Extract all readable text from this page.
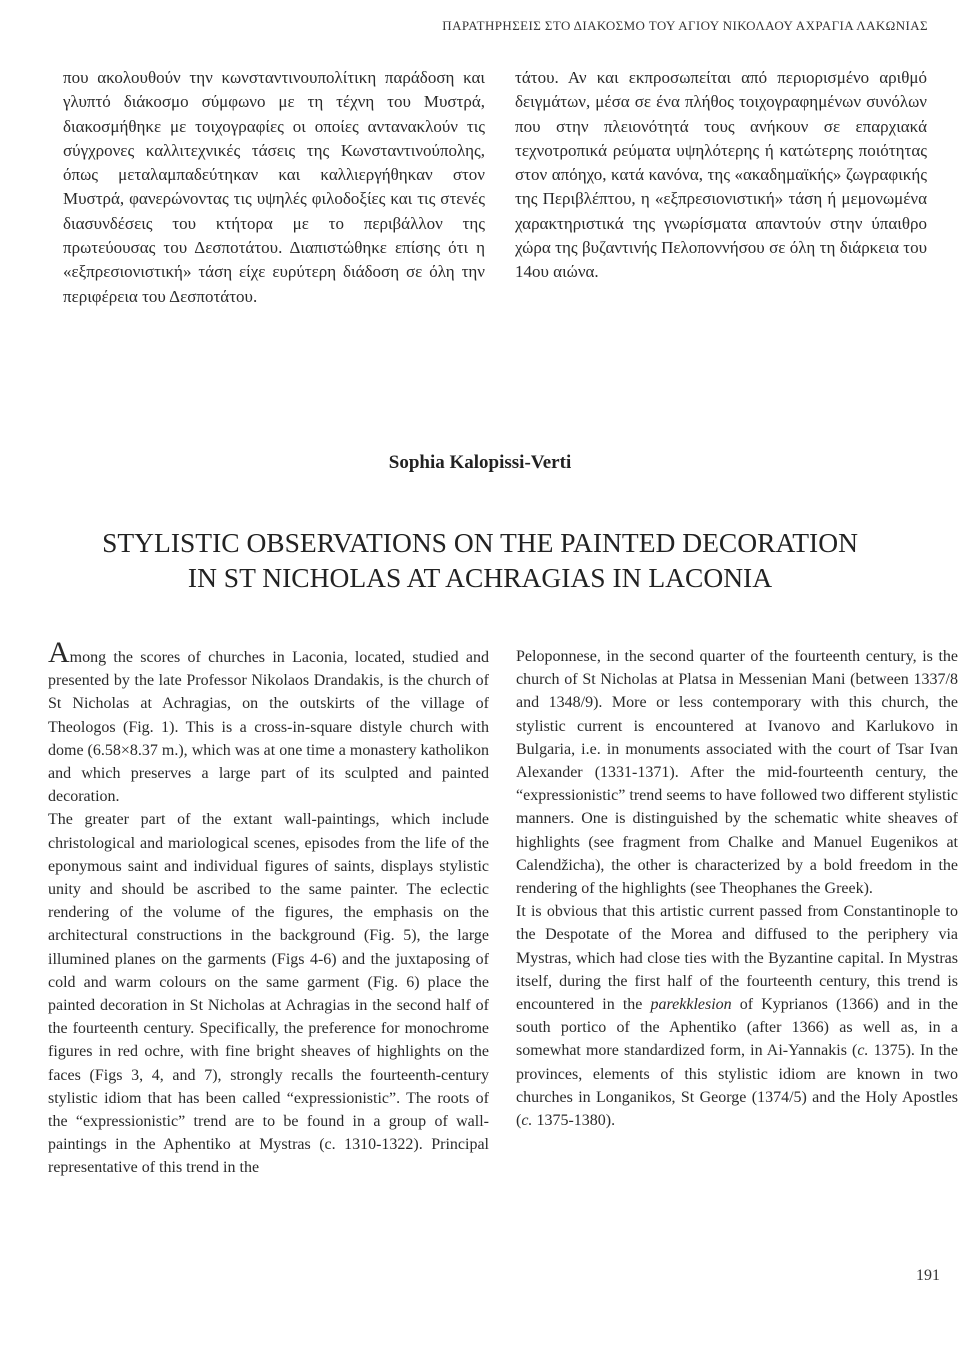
ΠΑΡΑΤΗΡΗΣΕΙΣ ΣΤΟ ΔΙΑΚΟΣΜΟ ΤΟΥ ΑΓΙΟΥ ΝΙΚΟΛΑΟΥ ΑΧΡΑΓΙΑ ΛΑΚΩΝΙΑΣ

που ακολουθούν την κωνσταντινουπολίτικη παράδοση και γλυπτό διάκοσμο σύμφωνο με τη τέχνη του Μυστρά, διακοσμήθηκε με τοιχογραφίες οι οποίες αντανακλούν τις σύγχρονες καλλιτεχνικές τάσεις της Κωνσταντινούπολης, όπως μεταλαμπαδεύτηκαν και καλλιεργήθηκαν στον Μυστρά, φανερώνοντας τις υψηλές φιλοδοξίες και τις στενές διασυνδέσεις του κτήτορα με το περιβάλλον της πρωτεύουσας του Δεσποτάτου. Διαπιστώθηκε επίσης ότι η «εξπρεσιονιστική» τάση είχε ευρύτερη διάδοση σε όλη την περιφέρεια του Δεσποτάτου.

τάτου. Αν και εκπροσωπείται από περιορισμένο αριθμό δειγμάτων, μέσα σε ένα πλήθος τοιχογραφημένων συνόλων που στην πλειονότητά τους ανήκουν σε επαρχιακά τεχνοτροπικά ρεύματα υψηλότερης ή κατώτερης ποιότητας στον απόηχο, κατά κανόνα, της «ακαδημαϊκής» ζωγραφικής της Περιβλέπτου, η «εξπρεσιονιστική» τάση ή μεμονωμένα χαρακτηριστικά της γνωρίσματα απαντούν στην ύπαιθρο χώρα της βυζαντινής Πελοποννήσου σε όλη τη διάρκεια του 14ου αιώνα.

Sophia Kalopissi-Verti
STYLISTIC OBSERVATIONS ON THE PAINTED DECORATION
IN ST NICHOLAS AT ACHRAGIAS IN LACONIA

Among the scores of churches in Laconia, located, studied and presented by the late Professor Nikolaos Drandakis, is the church of St Nicholas at Achragias, on the outskirts of the village of Theologos (Fig. 1). This is a cross-in-square distyle church with dome (6.58×8.37 m.), which was at one time a monastery katholikon and which preserves a large part of its sculpted and painted decoration.

The greater part of the extant wall-paintings, which include christological and mariological scenes, episodes from the life of the eponymous saint and individual figures of saints, displays stylistic unity and should be ascribed to the same painter. The eclectic rendering of the volume of the figures, the emphasis on the architectural constructions in the background (Fig. 5), the large illumined planes on the garments (Figs 4-6) and the juxtaposing of cold and warm colours on the same garment (Fig. 6) place the painted decoration in St Nicholas at Achragias in the second half of the fourteenth century. Specifically, the preference for monochrome figures in red ochre, with fine bright sheaves of highlights on the faces (Figs 3, 4, and 7), strongly recalls the fourteenth-century stylistic idiom that has been called “expressionistic”. The roots of the “expressionistic” trend are to be found in a group of wall-paintings in the Aphentiko at Mystras (c. 1310-1322). Principal representative of this trend in the

Peloponnese, in the second quarter of the fourteenth century, is the church of St Nicholas at Platsa in Messenian Mani (between 1337/8 and 1348/9). More or less contemporary with this church, the stylistic current is encountered at Ivanovo and Karlukovo in Bulgaria, i.e. in monuments associated with the court of Tsar Ivan Alexander (1331-1371). After the mid-fourteenth century, the “expressionistic” trend seems to have followed two different stylistic manners. One is distinguished by the schematic white sheaves of highlights (see fragment from Chalke and Manuel Eugenikos at Calendžicha), the other is characterized by a bold freedom in the rendering of the highlights (see Theophanes the Greek).

It is obvious that this artistic current passed from Constantinople to the Despotate of the Morea and diffused to the periphery via Mystras, which had close ties with the Byzantine capital. In Mystras itself, during the first half of the fourteenth century, this trend is encountered in the parekklesion of Kyprianos (1366) and in the south portico of the Aphentiko (after 1366) as well as, in a somewhat more standardized form, in Ai-Yannakis (c. 1375). In the provinces, elements of this stylistic idiom are known in two churches in Longanikos, St George (1374/5) and the Holy Apostles (c. 1375-1380).

191
